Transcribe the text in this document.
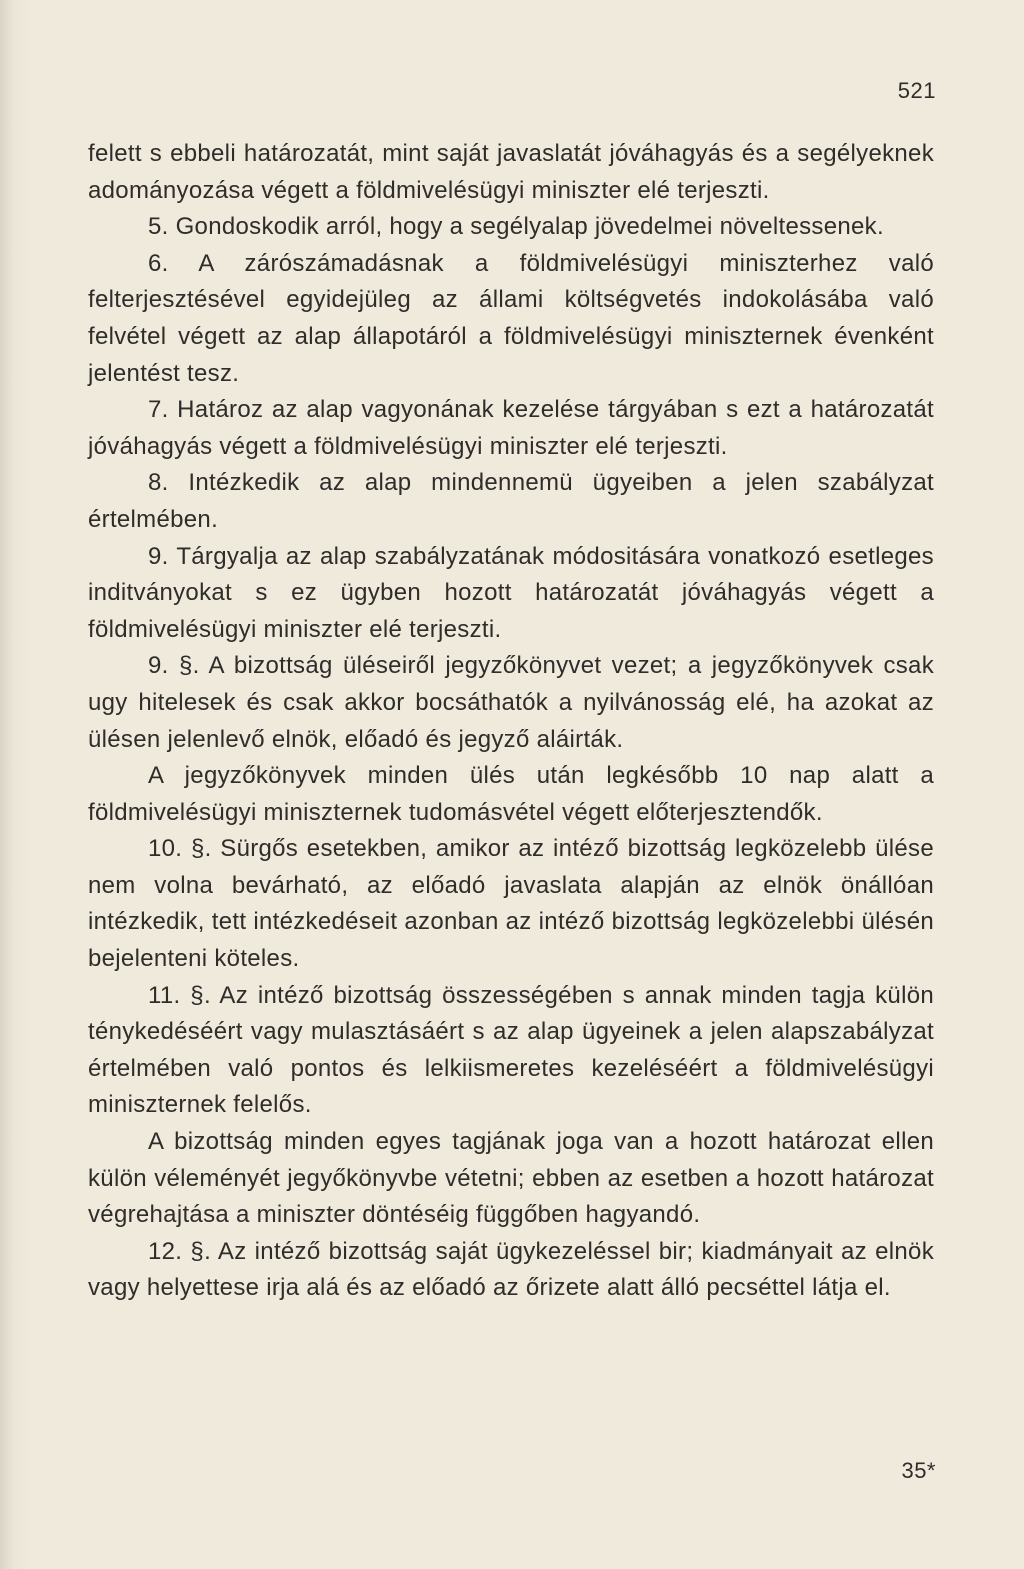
521

felett s ebbeli határozatát, mint saját javaslatát jóváhagyás és a segélyeknek adományozása végett a földmivelésügyi miniszter elé terjeszti.

5. Gondoskodik arról, hogy a segélyalap jövedelmei növeltessenek.

6. A zárószámadásnak a földmivelésügyi miniszterhez való felterjesztésével egyidejüleg az állami költségvetés indokolásába való felvétel végett az alap állapotáról a földmivelésügyi miniszternek évenként jelentést tesz.

7. Határoz az alap vagyonának kezelése tárgyában s ezt a határozatát jóváhagyás végett a földmivelésügyi miniszter elé terjeszti.

8. Intézkedik az alap mindennemü ügyeiben a jelen szabályzat értelmében.

9. Tárgyalja az alap szabályzatának módositására vonatkozó esetleges inditványokat s ez ügyben hozott határozatát jóváhagyás végett a földmivelésügyi miniszter elé terjeszti.

9. §. A bizottság üléseiről jegyzőkönyvet vezet; a jegyzőkönyvek csak ugy hitelesek és csak akkor bocsáthatók a nyilvánosság elé, ha azokat az ülésen jelenlevő elnök, előadó és jegyző aláirták.

A jegyzőkönyvek minden ülés után legkésőbb 10 nap alatt a földmivelésügyi miniszternek tudomásvétel végett előterjesztendők.

10. §. Sürgős esetekben, amikor az intéző bizottság legközelebb ülése nem volna bevárható, az előadó javaslata alapján az elnök önállóan intézkedik, tett intézkedéseit azonban az intéző bizottság legközelebbi ülésén bejelenteni köteles.

11. §. Az intéző bizottság összességében s annak minden tagja külön ténykedéséért vagy mulasztásáért s az alap ügyeinek a jelen alapszabályzat értelmében való pontos és lelkiismeretes kezeléséért a földmivelésügyi miniszternek felelős.

A bizottság minden egyes tagjának joga van a hozott határozat ellen külön véleményét jegyőkönyvbe vétetni; ebben az esetben a hozott határozat végrehajtása a miniszter döntéséig függőben hagyandó.

12. §. Az intéző bizottság saját ügykezeléssel bir; kiadmányait az elnök vagy helyettese irja alá és az előadó az őrizete alatt álló pecséttel látja el.

35*
